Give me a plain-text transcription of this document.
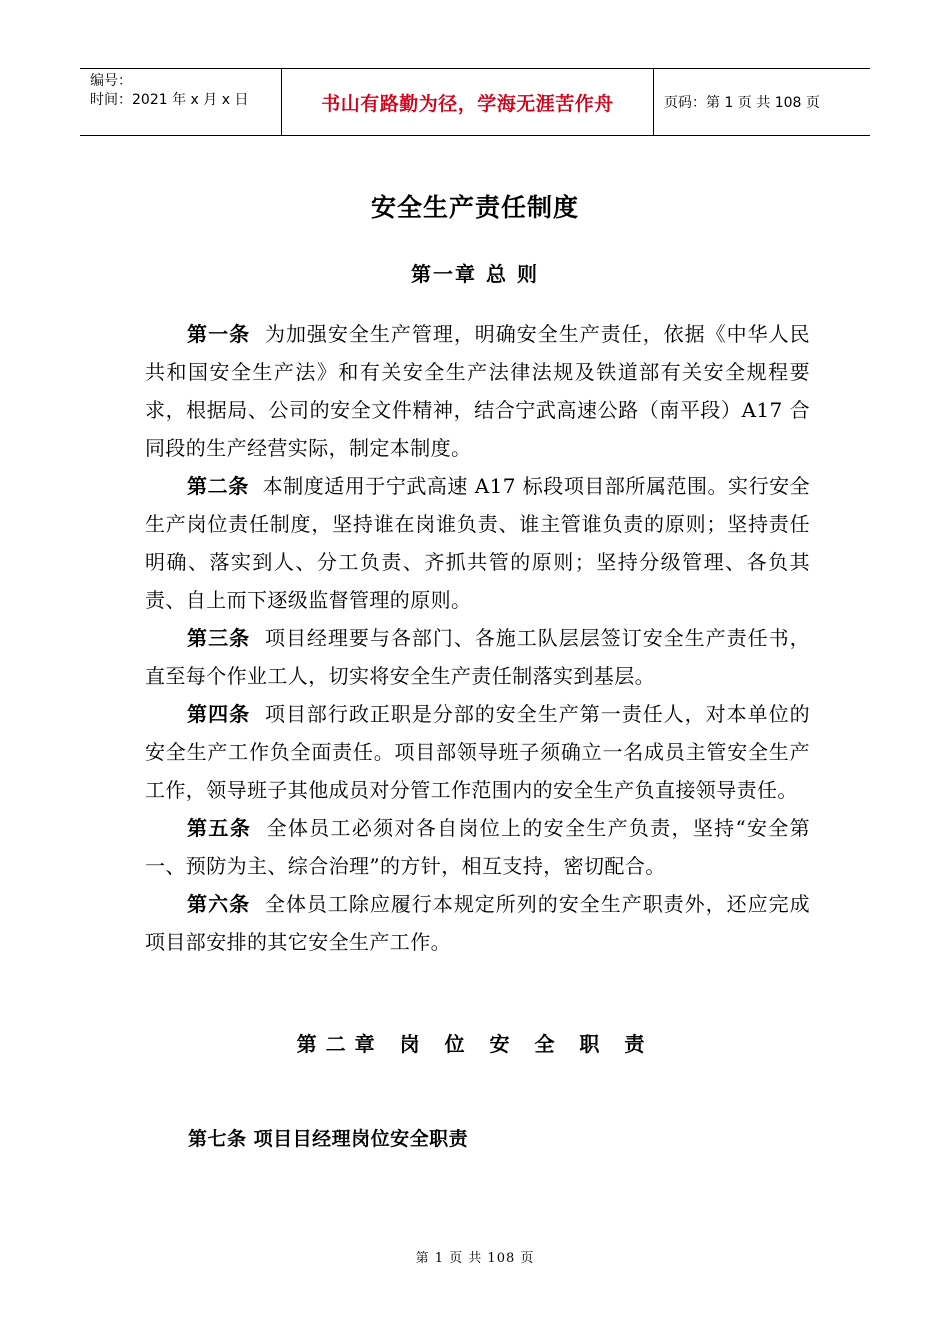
编号：
时间：2021 年 x 月 x 日	书山有路勤为径，学海无涯苦作舟	页码：第 1 页 共 108 页
安全生产责任制度
第一章 总 则

第一条 为加强安全生产管理，明确安全生产责任，依据《中华人民共和国安全生产法》和有关安全生产法律法规及铁道部有关安全规程要求，根据局、公司的安全文件精神，结合宁武高速公路（南平段）A17 合同段的生产经营实际，制定本制度。

第二条 本制度适用于宁武高速 A17 标段项目部所属范围。实行安全生产岗位责任制度，坚持谁在岗谁负责、谁主管谁负责的原则；坚持责任明确、落实到人、分工负责、齐抓共管的原则；坚持分级管理、各负其责、自上而下逐级监督管理的原则。

第三条 项目经理要与各部门、各施工队层层签订安全生产责任书，直至每个作业工人，切实将安全生产责任制落实到基层。

第四条 项目部行政正职是分部的安全生产第一责任人，对本单位的安全生产工作负全面责任。项目部领导班子须确立一名成员主管安全生产工作，领导班子其他成员对分管工作范围内的安全生产负直接领导责任。

第五条 全体员工必须对各自岗位上的安全生产负责，坚持“安全第一、预防为主、综合治理”的方针，相互支持，密切配合。

第六条 全体员工除应履行本规定所列的安全生产职责外，还应完成项目部安排的其它安全生产工作。

第二章 岗 位 安 全 职 责
第七条 项目目经理岗位安全职责
第 1 页 共 108 页
